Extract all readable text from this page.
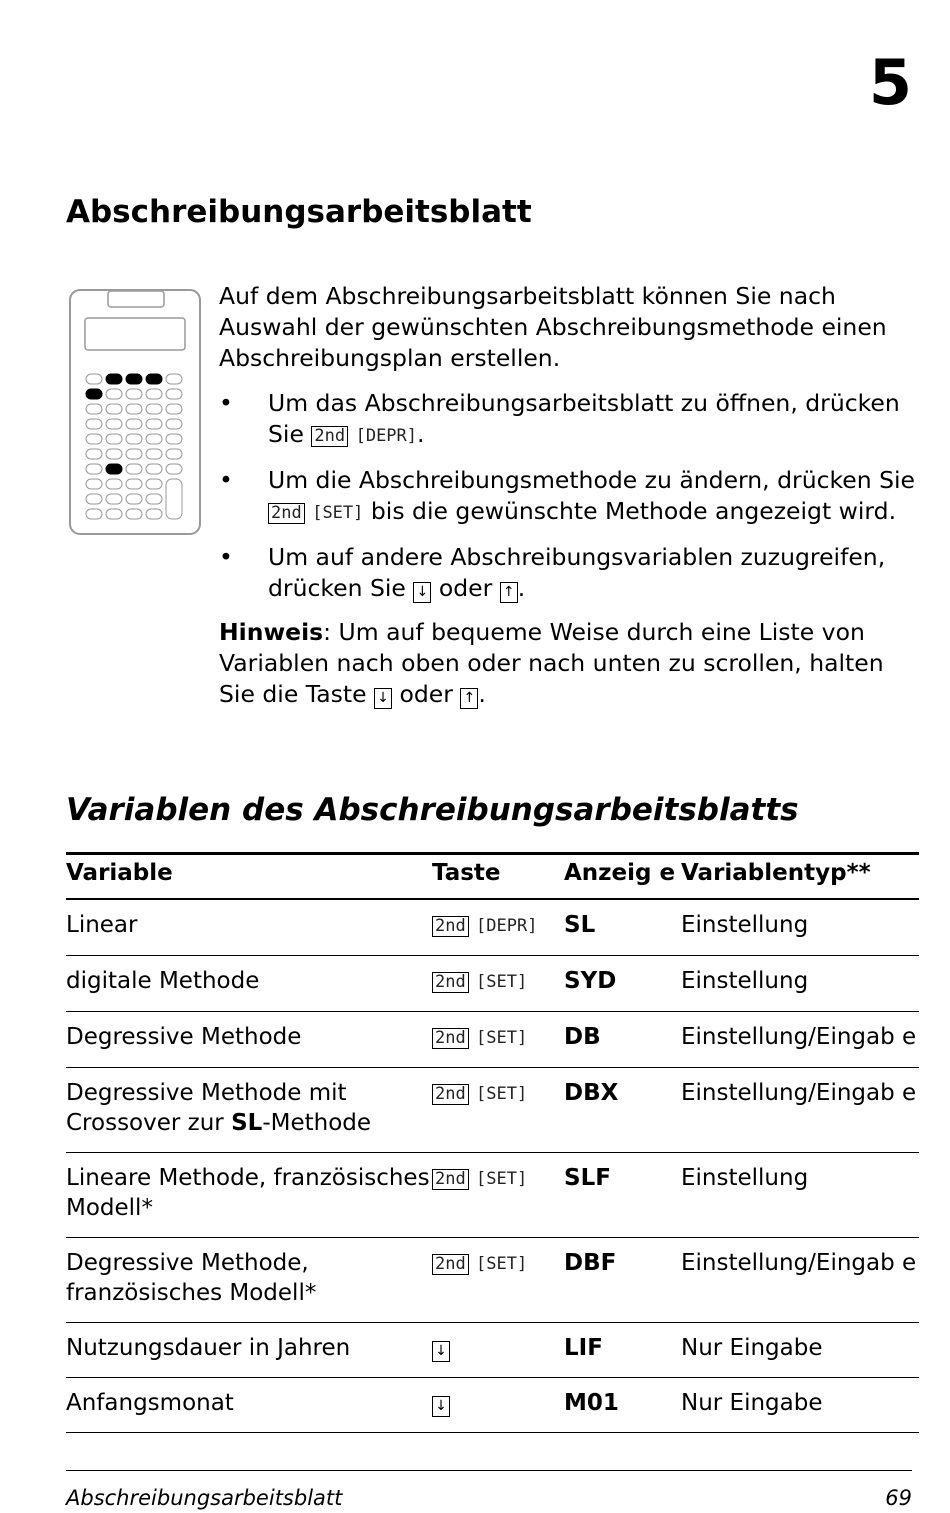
5
Abschreibungsarbeitsblatt

Auf dem Abschreibungsarbeitsblatt können Sie nach Auswahl der gewünschten Abschreibungsmethode einen Abschreibungsplan erstellen.

• Um das Abschreibungsarbeitsblatt zu öffnen, drücken Sie 2nd [DEPR].
• Um die Abschreibungsmethode zu ändern, drücken Sie 2nd [SET] bis die gewünschte Methode angezeigt wird.
• Um auf andere Abschreibungsvariablen zuzugreifen, drücken Sie ↓ oder ↑ .

Hinweis: Um auf bequeme Weise durch eine Liste von Variablen nach oben oder nach unten zu scrollen, halten Sie die Taste ↓ oder ↑ .

Variablen des Abschreibungsarbeitsblatts
Variable	Taste	Anzeig e	Variablentyp**
Linear	2nd [DEPR]	SL	Einstellung
digitale Methode	2nd [SET]	SYD	Einstellung
Degressive Methode	2nd [SET]	DB	Einstellung/Eingab e
Degressive Methode mit Crossover zur SL-Methode	2nd [SET]	DBX	Einstellung/Eingab e
Lineare Methode, französisches Modell*	2nd [SET]	SLF	Einstellung
Degressive Methode, französisches Modell*	2nd [SET]	DBF	Einstellung/Eingab e
Nutzungsdauer in Jahren	↓	LIF	Nur Eingabe
Anfangsmonat	↓	M01	Nur Eingabe
Abschreibungsarbeitsblatt	69
